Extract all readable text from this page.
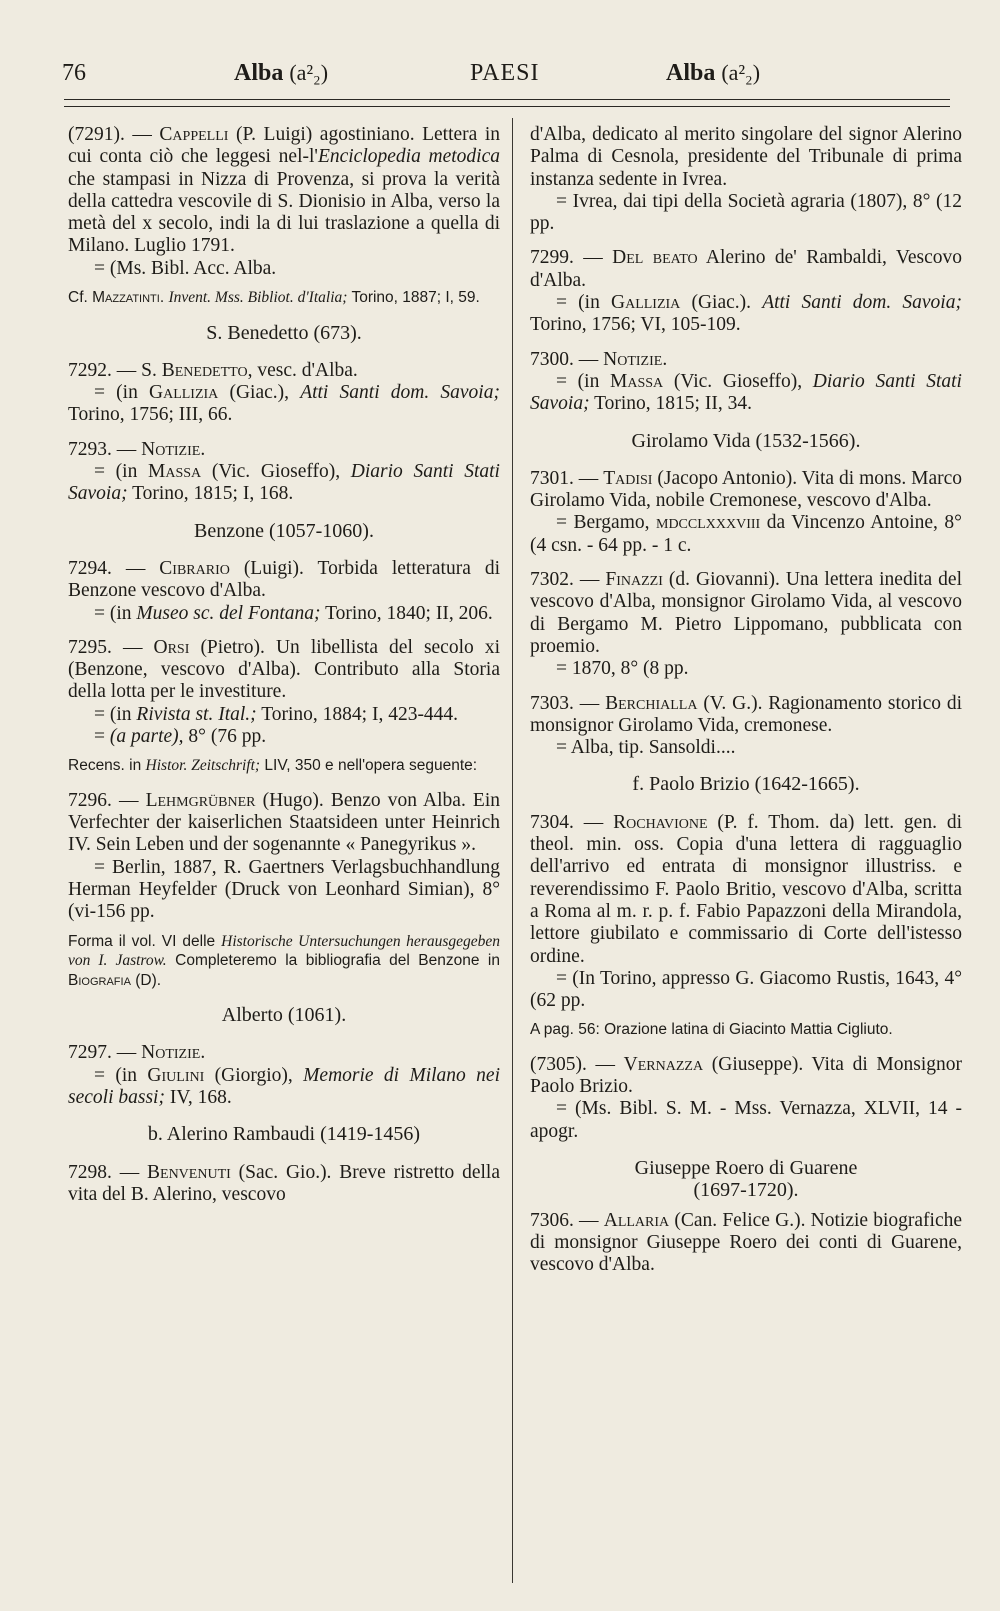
76	Alba (a²₂)	PAESI	Alba (a²₂)

(7291). — Cappelli (P. Luigi) agostiniano. Lettera in cui conta ciò che leggesi nel-l'Enciclopedia metodica che stampasi in Nizza di Provenza, si prova la verità della cattedra vescovile di S. Dionisio in Alba, verso la metà del x secolo, indi la di lui traslazione a quella di Milano. Luglio 1791.

= (Ms. Bibl. Acc. Alba.

Cf. Mazzatinti. Invent. Mss. Bibliot. d'Italia; Torino, 1887; I, 59.
S. Benedetto (673).

7292. — S. Benedetto, vesc. d'Alba.

= (in Gallizia (Giac.), Atti Santi dom. Savoia; Torino, 1756; III, 66.

7293. — Notizie.

= (in Massa (Vic. Gioseffo), Diario Santi Stati Savoia; Torino, 1815; I, 168.

Benzone (1057-1060).

7294. — Cibrario (Luigi). Torbida letteratura di Benzone vescovo d'Alba.

= (in Museo sc. del Fontana; Torino, 1840; II, 206.

7295. — Orsi (Pietro). Un libellista del secolo xi (Benzone, vescovo d'Alba). Contributo alla Storia della lotta per le investiture.

= (in Rivista st. Ital.; Torino, 1884; I, 423-444.

= (a parte), 8° (76 pp.

Recens. in Histor. Zeitschrift; LIV, 350 e nell'opera seguente:

7296. — Lehmgrübner (Hugo). Benzo von Alba. Ein Verfechter der kaiserlichen Staatsideen unter Heinrich IV. Sein Leben und der sogenannte « Panegyrikus ».

= Berlin, 1887, R. Gaertners Verlagsbuchhandlung Herman Heyfelder (Druck von Leonhard Simian), 8° (vi-156 pp.

Forma il vol. VI delle Historische Untersuchungen herausgegeben von I. Jastrow. Completeremo la bibliografia del Benzone in Biografia (D).
Alberto (1061).

7297. — Notizie.

= (in Giulini (Giorgio), Memorie di Milano nei secoli bassi; IV, 168.

b. Alerino Rambaudi (1419-1456)

7298. — Benvenuti (Sac. Gio.). Breve ristretto della vita del B. Alerino, vescovo

d'Alba, dedicato al merito singolare del signor Alerino Palma di Cesnola, presidente del Tribunale di prima instanza sedente in Ivrea.

= Ivrea, dai tipi della Società agraria (1807), 8° (12 pp.

7299. — Del beato Alerino de' Rambaldi, Vescovo d'Alba.

= (in Gallizia (Giac.). Atti Santi dom. Savoia; Torino, 1756; VI, 105-109.

7300. — Notizie.

= (in Massa (Vic. Gioseffo), Diario Santi Stati Savoia; Torino, 1815; II, 34.

Girolamo Vida (1532-1566).

7301. — Tadisi (Jacopo Antonio). Vita di mons. Marco Girolamo Vida, nobile Cremonese, vescovo d'Alba.

= Bergamo, mdcclxxxviii da Vincenzo Antoine, 8° (4 csn. - 64 pp. - 1 c.

7302. — Finazzi (d. Giovanni). Una lettera inedita del vescovo d'Alba, monsignor Girolamo Vida, al vescovo di Bergamo M. Pietro Lippomano, pubblicata con proemio.

= 1870, 8° (8 pp.

7303. — Berchialla (V. G.). Ragionamento storico di monsignor Girolamo Vida, cremonese.

= Alba, tip. Sansoldi....

f. Paolo Brizio (1642-1665).

7304. — Rochavione (P. f. Thom. da) lett. gen. di theol. min. oss. Copia d'una lettera di ragguaglio dell'arrivo ed entrata di monsignor illustriss. e reverendissimo F. Paolo Britio, vescovo d'Alba, scritta a Roma al m. r. p. f. Fabio Papazzoni della Mirandola, lettore giubilato e commissario di Corte dell'istesso ordine.

= (In Torino, appresso G. Giacomo Rustis, 1643, 4° (62 pp.

A pag. 56: Orazione latina di Giacinto Mattia Cigliuto.

(7305). — Vernazza (Giuseppe). Vita di Monsignor Paolo Brizio.

= (Ms. Bibl. S. M. - Mss. Vernazza, XLVII, 14 - apogr.

Giuseppe Roero di Guarene
(1697-1720).

7306. — Allaria (Can. Felice G.). Notizie biografiche di monsignor Giuseppe Roero dei conti di Guarene, vescovo d'Alba.
